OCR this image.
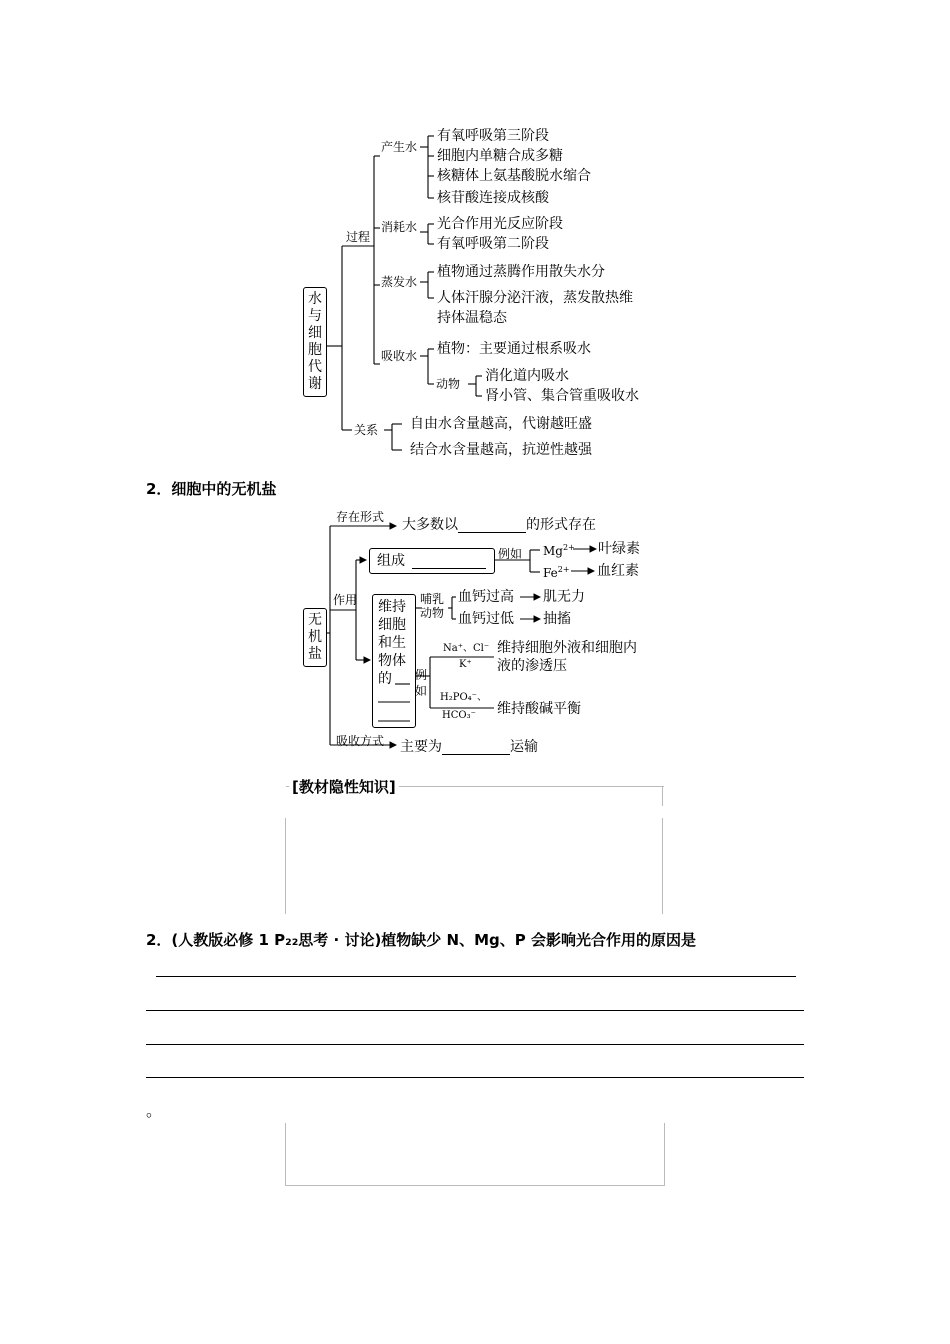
水与细胞代谢
过程
关系
产生水
有氧呼吸第三阶段
细胞内单糖合成多糖
核糖体上氨基酸脱水缩合
核苷酸连接成核酸
消耗水 光合作用光反应阶段
有氧呼吸第二阶段
蒸发水
植物通过蒸腾作用散失水分
人体汗腺分泌汗液，蒸发散热维
持体温稳态
吸收水 植物：主要通过根系吸水
动物 消化道内吸水
肾小管、集合管重吸收水
自由水含量越高，代谢越旺盛
结合水含量越高，抗逆性越强
2．细胞中的无机盐
无机盐
存在形式 大多数以	的形式存在
作用
组成	例如 $Mg^{2+}$ 叶绿素
$Fe^{2+}$ 血红素
维持
细胞
和生
物体
的
哺乳动物
血钙过高 肌无力
血钙过低 抽搐
例如
Na⁺、Cl⁻
K⁺
维持细胞外液和细胞内
液的渗透压
H₂PO₄⁻、
HCO₃⁻ 维持酸碱平衡
吸收方式 主要为	运输
[教材隐性知识]
2．(人教版必修 1 P₂₂思考 · 讨论)植物缺少 N、Mg、P 会影响光合作用的原因是
。
